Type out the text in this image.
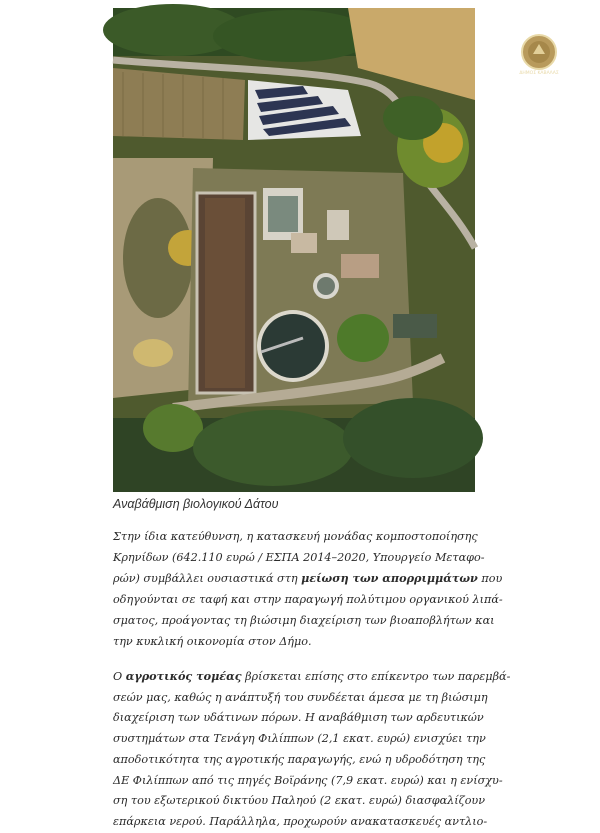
ΔΗΜΟΣ ΚΑΒΑΛΑΣ
Αναβάθμιση βιολογικού Δάτου
Στην ίδια κατεύθυνση, η κατασκευή μονάδας κομποστοποίησης
Κρηνίδων (642.110 ευρώ / ΕΣΠΑ 2014–2020, Υπουργείο Μεταφο-
ρών) συμβάλλει ουσιαστικά στη μείωση των απορριμμάτων που
οδηγούνται σε ταφή και στην παραγωγή πολύτιμου οργανικού λιπά-
σματος, προάγοντας τη βιώσιμη διαχείριση των βιοαποβλήτων και
την κυκλική οικονομία στον Δήμο.
Ο αγροτικός τομέας βρίσκεται επίσης στο επίκεντρο των παρεμβά-
σεών μας, καθώς η ανάπτυξή του συνδέεται άμεσα με τη βιώσιμη
διαχείριση των υδάτινων πόρων. Η αναβάθμιση των αρδευτικών
συστημάτων στα Τενάγη Φιλίππων (2,1 εκατ. ευρώ) ενισχύει την
αποδοτικότητα της αγροτικής παραγωγής, ενώ η υδροδότηση της
ΔΕ Φιλίππων από τις πηγές Βοϊράνης (7,9 εκατ. ευρώ) και η ενίσχυ-
ση του εξωτερικού δικτύου Παληού (2 εκατ. ευρώ) διασφαλίζουν
επάρκεια νερού. Παράλληλα, προχωρούν ανακατασκευές αντλιο-
